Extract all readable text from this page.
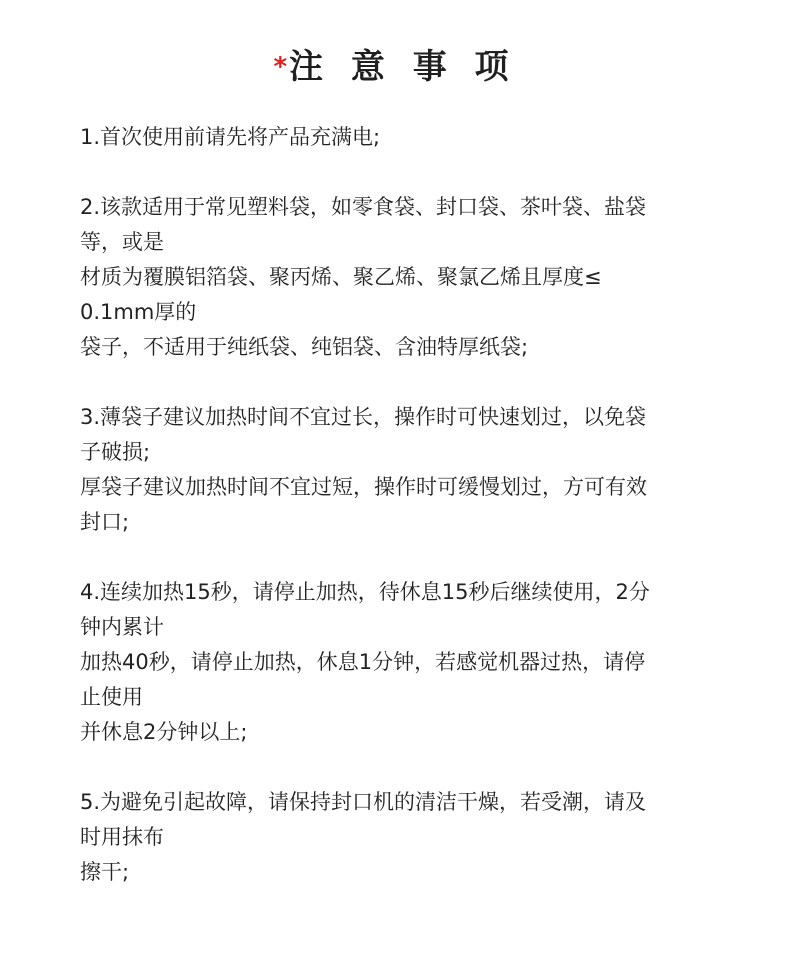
*注 意 事 项
1.首次使用前请先将产品充满电;
2.该款适用于常见塑料袋，如零食袋、封口袋、茶叶袋、盐袋
等，或是
材质为覆膜铝箔袋、聚丙烯、聚乙烯、聚氯乙烯且厚度≤
0.1mm厚的
袋子，不适用于纯纸袋、纯铝袋、含油特厚纸袋;
3.薄袋子建议加热时间不宜过长，操作时可快速划过，以免袋
子破损;
厚袋子建议加热时间不宜过短，操作时可缓慢划过，方可有效
封口;
4.连续加热15秒，请停止加热，待休息15秒后继续使用，2分
钟内累计
加热40秒，请停止加热，休息1分钟，若感觉机器过热，请停
止使用
并休息2分钟以上;
5.为避免引起故障，请保持封口机的清洁干燥，若受潮，请及
时用抹布
擦干;
